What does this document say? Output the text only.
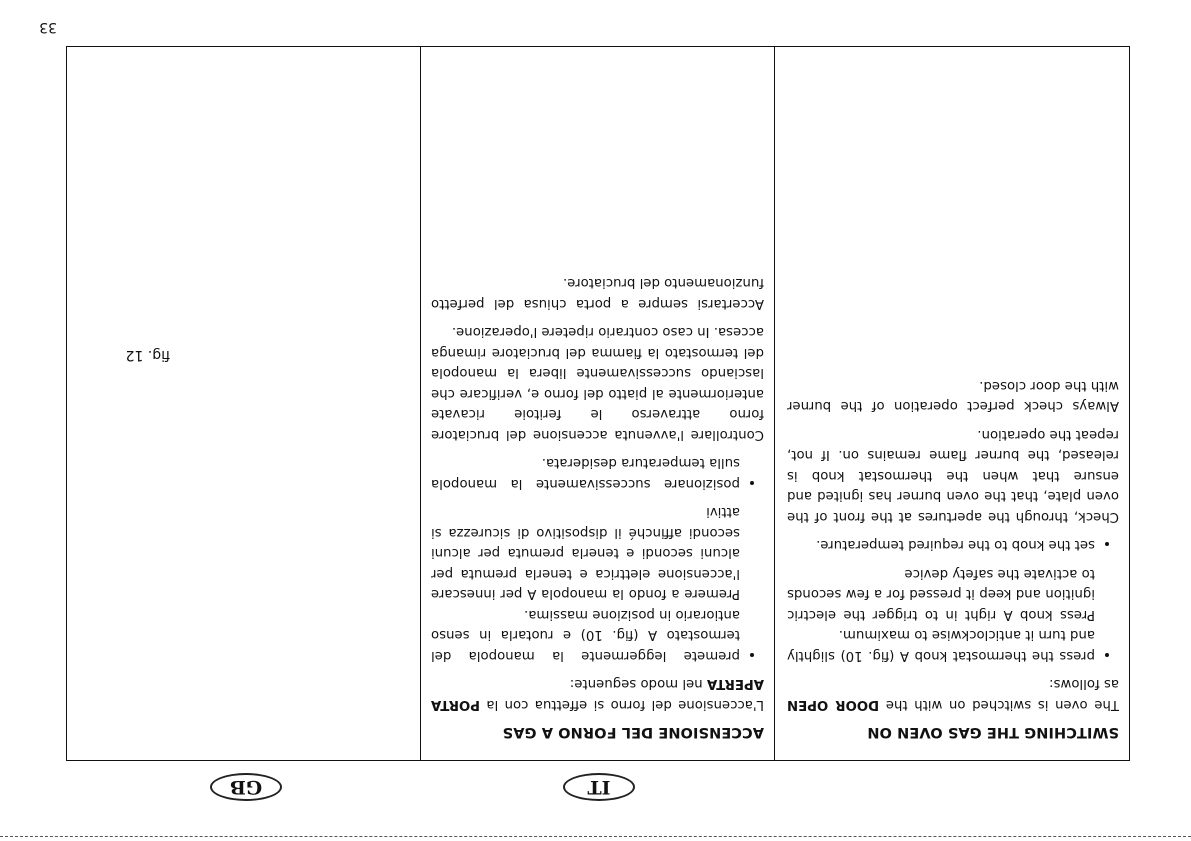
GB	IT
SWITCHING THE GAS OVEN ON

The oven is switched on with the DOOR OPEN as follows:

• press the thermostat knob A (fig. 10) slightly and turn it anticlockwise to maximum.

Press knob A right in to trigger the electric ignition and keep it pressed for a few seconds to activate the safety device

• set the knob to the required temperature.

Check, through the apertures at the front of the oven plate, that the oven burner has ignited and ensure that when the thermostat knob is released, the burner flame remains on. If not, repeat the operation.

Always check perfect operation of the burner with the door closed.

ACCENSIONE DEL FORNO A GAS

L'accensione del forno si effettua con la PORTA APERTA nel modo seguente:

• premete leggermente la manopola del termostato A (fig. 10) e ruotarla in senso antiorario in posizione massima.

Premere a fondo la manopola A per innescare l'accensione elettrica e tenerla premuta per alcuni secondi e tenerla premuta per alcuni secondi affinché il dispositivo di sicurezza si attivi

• posizionare successivamente la manopola sulla temperatura desiderata.

Controllare l'avvenuta accensione del bruciatore forno attraverso le feritoie ricavate anteriormente al piatto del forno e, verificare che lasciando successivamente libera la manopola del termostato la fiamma del bruciatore rimanga accesa. In caso contrario ripetere l'operazione.

Accertarsi sempre a porta chiusa del perfetto funzionamento del bruciatore.

fig. 12
33
